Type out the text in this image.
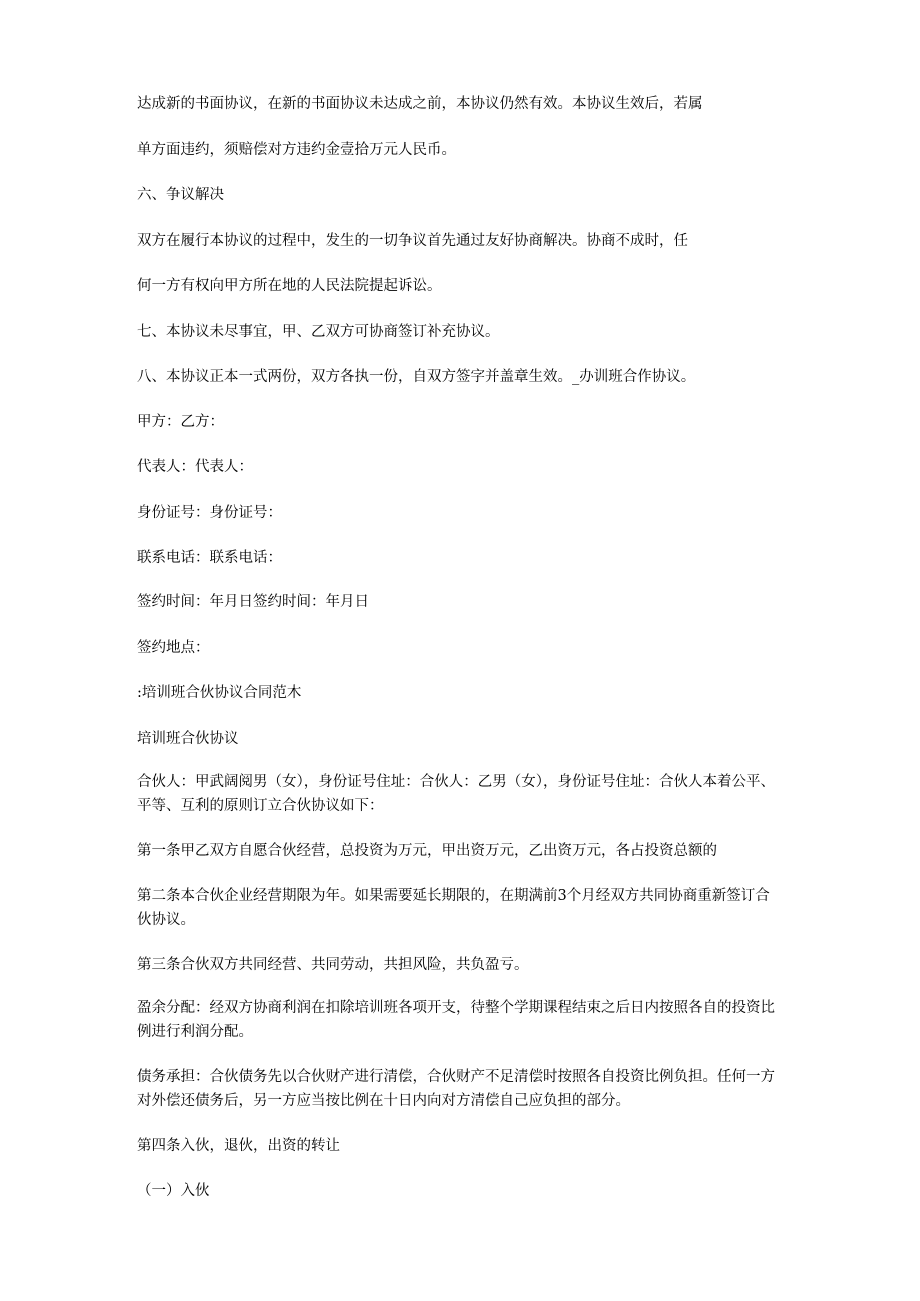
达成新的书面协议，在新的书面协议未达成之前，本协议仍然有效。本协议生效后，若属
单方面违约，须赔偿对方违约金壹拾万元人民币。
六、争议解决
双方在履行本协议的过程中，发生的一切争议首先通过友好协商解决。协商不成时，任
何一方有权向甲方所在地的人民法院提起诉讼。
七、本协议未尽事宜，甲、乙双方可协商签订补充协议。
八、本协议正本一式两份，双方各执一份，自双方签字并盖章生效。_办训班合作协议。
甲方：乙方：
代表人：代表人：
身份证号：身份证号：
联系电话：联系电话：
签约时间：年月日签约时间：年月日
签约地点：
:培训班合伙协议合同范木
培训班合伙协议
合伙人：甲武阔阅男（女），身份证号住址：合伙人：乙男（女），身份证号住址：合伙人本着公平、平等、互利的原则订立合伙协议如下：
第一条甲乙双方自愿合伙经营，总投资为万元，甲出资万元，乙出资万元，各占投资总额的
第二条本合伙企业经营期限为年。如果需要延长期限的，在期满前3个月经双方共同协商重新签订合伙协议。
第三条合伙双方共同经营、共同劳动，共担风险，共负盈亏。
盈余分配：经双方协商利润在扣除培训班各项开支，待整个学期课程结束之后日内按照各自的投资比例进行利润分配。
债务承担：合伙债务先以合伙财产进行清偿，合伙财产不足清偿时按照各自投资比例负担。任何一方对外偿还债务后，另一方应当按比例在十日内向对方清偿自己应负担的部分。
第四条入伙，退伙，出资的转让
（一）入伙
